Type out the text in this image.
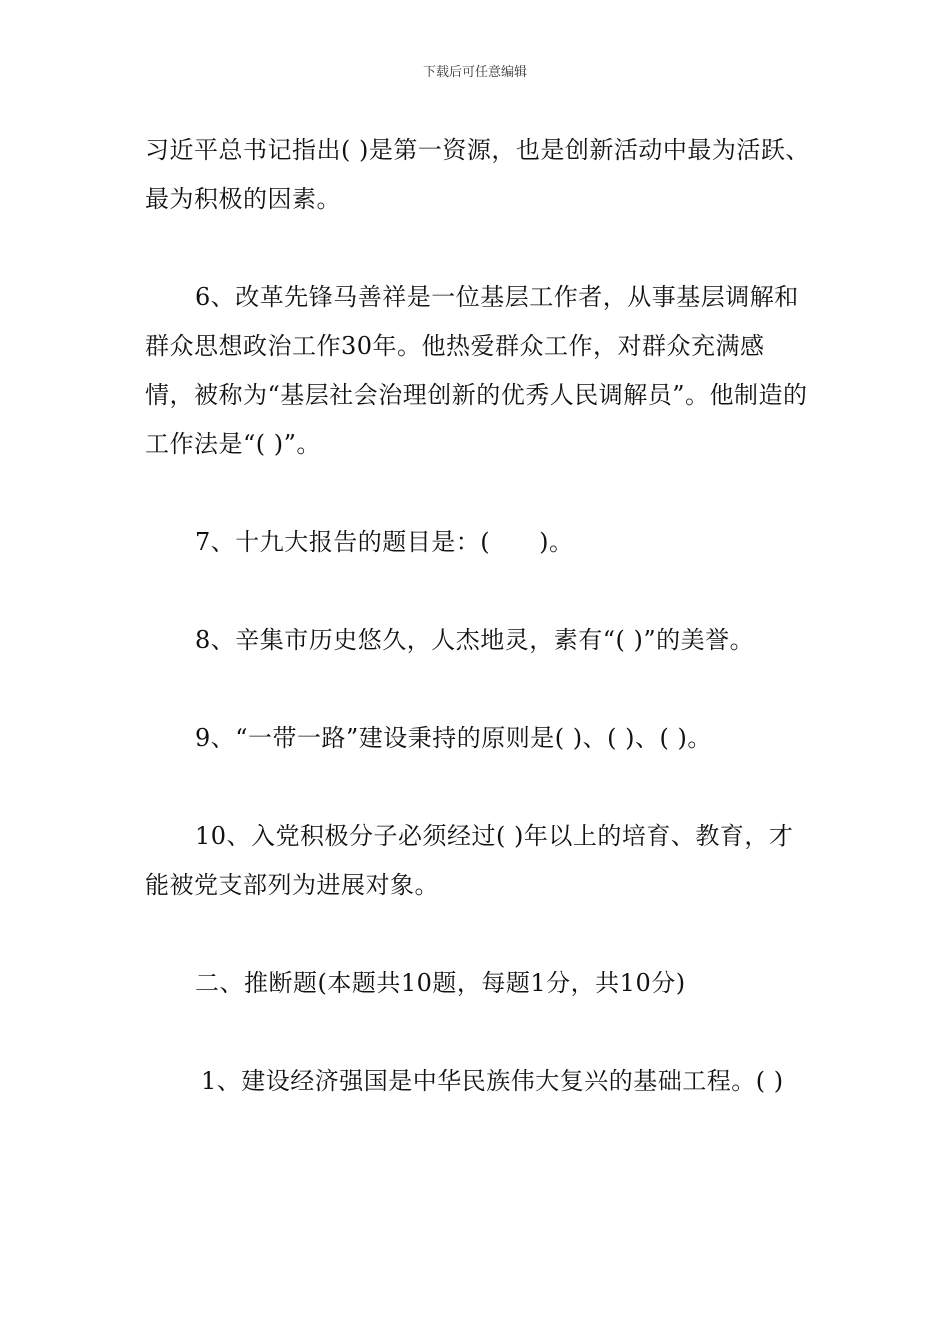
下载后可任意编辑

习近平总书记指出( )是第一资源，也是创新活动中最为活跃、最为积极的因素。

6、改革先锋马善祥是一位基层工作者，从事基层调解和群众思想政治工作30年。他热爱群众工作，对群众充满感情，被称为“基层社会治理创新的优秀人民调解员”。他制造的工作法是“( )”。

7、十九大报告的题目是：(　　)。

8、辛集市历史悠久，人杰地灵，素有“( )”的美誉。

9、“一带一路”建设秉持的原则是( )、( )、( )。

10、入党积极分子必须经过( )年以上的培育、教育，才能被党支部列为进展对象。

二、推断题(本题共10题，每题1分，共10分)

1、建设经济强国是中华民族伟大复兴的基础工程。( )
